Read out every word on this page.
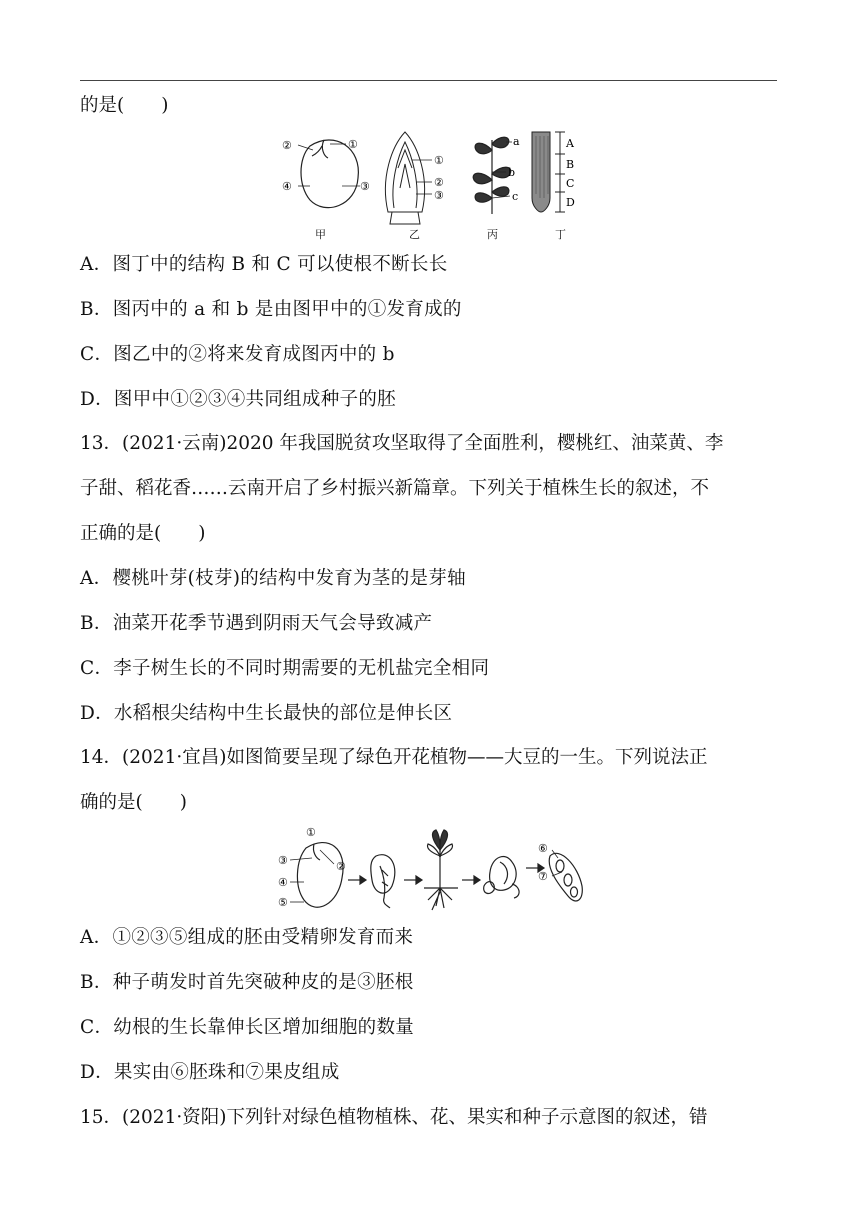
的是(　　)
②	①
④	③
①
②
③
a
b
c
A
B
C
D
甲	乙	丙	丁
A．图丁中的结构 B 和 C 可以使根不断长长
B．图丙中的 a 和 b 是由图甲中的①发育成的
C．图乙中的②将来发育成图丙中的 b
D．图甲中①②③④共同组成种子的胚
13．(2021·云南)2020 年我国脱贫攻坚取得了全面胜利，樱桃红、油菜黄、李
子甜、稻花香……云南开启了乡村振兴新篇章。下列关于植株生长的叙述，不
正确的是(　　)
A．樱桃叶芽(枝芽)的结构中发育为茎的是芽轴
B．油菜开花季节遇到阴雨天气会导致减产
C．李子树生长的不同时期需要的无机盐完全相同
D．水稻根尖结构中生长最快的部位是伸长区
14．(2021·宜昌)如图简要呈现了绿色开花植物——大豆的一生。下列说法正
确的是(　　)
①
②
③
④
⑤
⑥
⑦
A．①②③⑤组成的胚由受精卵发育而来
B．种子萌发时首先突破种皮的是③胚根
C．幼根的生长靠伸长区增加细胞的数量
D．果实由⑥胚珠和⑦果皮组成
15．(2021·资阳)下列针对绿色植物植株、花、果实和种子示意图的叙述，错
